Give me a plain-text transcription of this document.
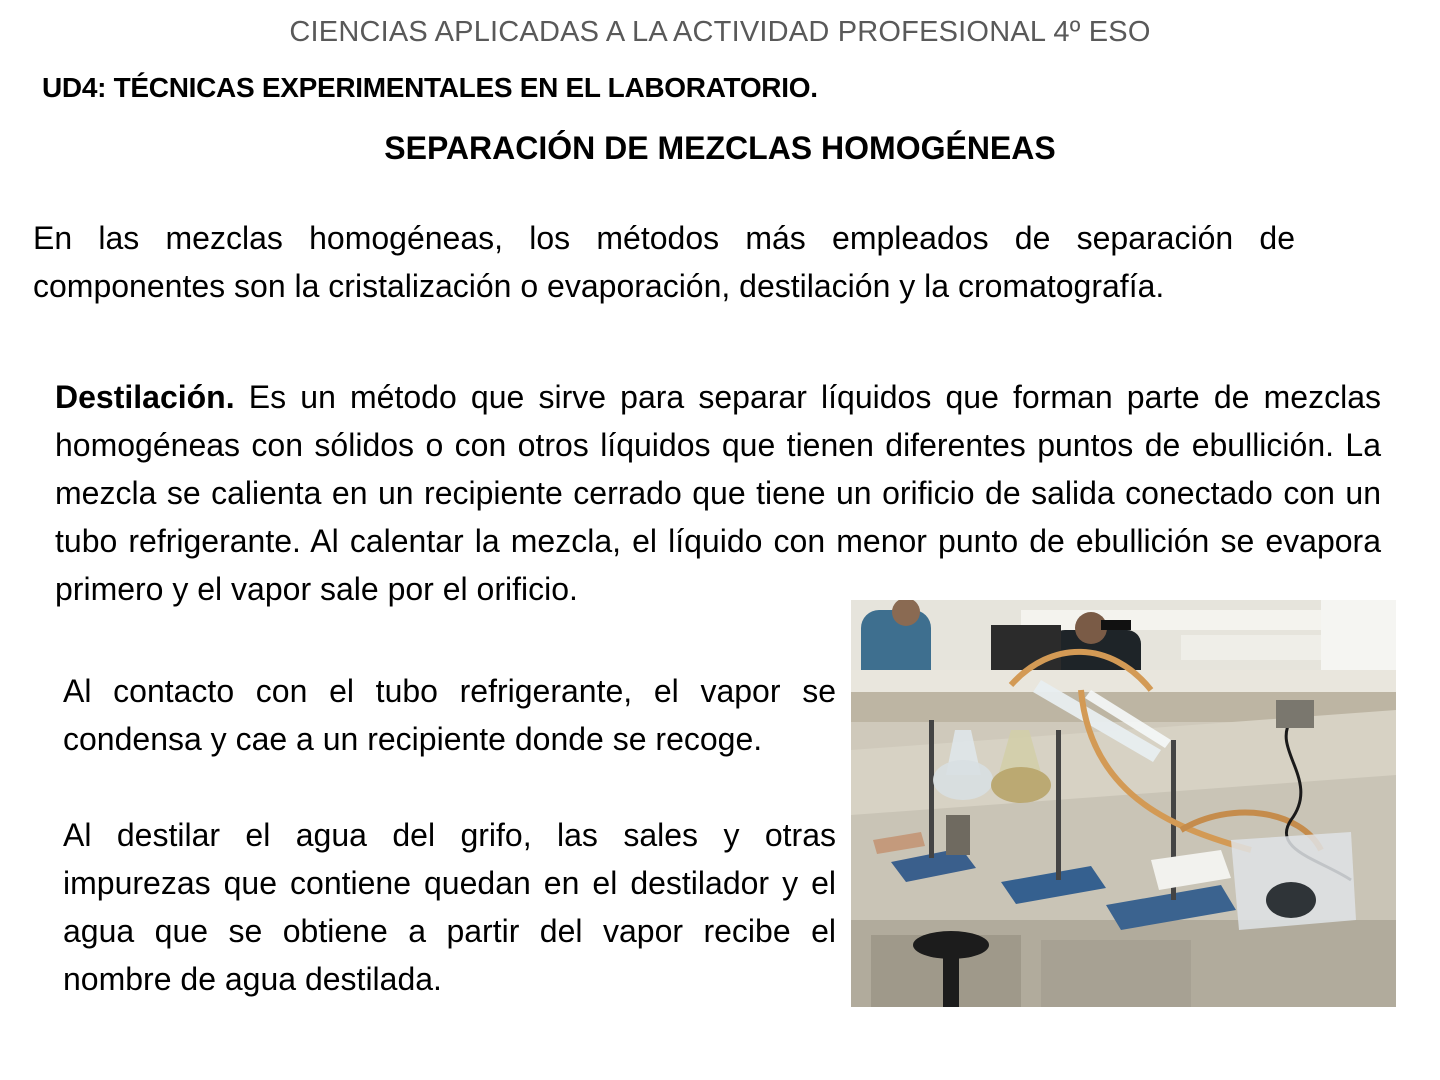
CIENCIAS APLICADAS A LA ACTIVIDAD PROFESIONAL 4º ESO
UD4: TÉCNICAS EXPERIMENTALES EN EL LABORATORIO.
SEPARACIÓN DE MEZCLAS HOMOGÉNEAS

En las mezclas homogéneas, los métodos más empleados de separación de componentes son la cristalización o evaporación, destilación y la cromatografía.

Destilación. Es un método que sirve para separar líquidos que forman parte de mezclas homogéneas con sólidos o con otros líquidos que tienen diferentes puntos de ebullición. La mezcla se calienta en un recipiente cerrado que tiene un orificio de salida conectado con un tubo refrigerante. Al calentar la mezcla, el líquido con menor punto de ebullición se evapora primero y el vapor sale por el orificio.

Al contacto con el tubo refrigerante, el vapor se condensa y cae a un recipiente donde se recoge.

Al destilar el agua del grifo, las sales y otras impurezas que contiene quedan en el destilador y el agua que se obtiene a partir del vapor recibe el nombre de agua destilada.
